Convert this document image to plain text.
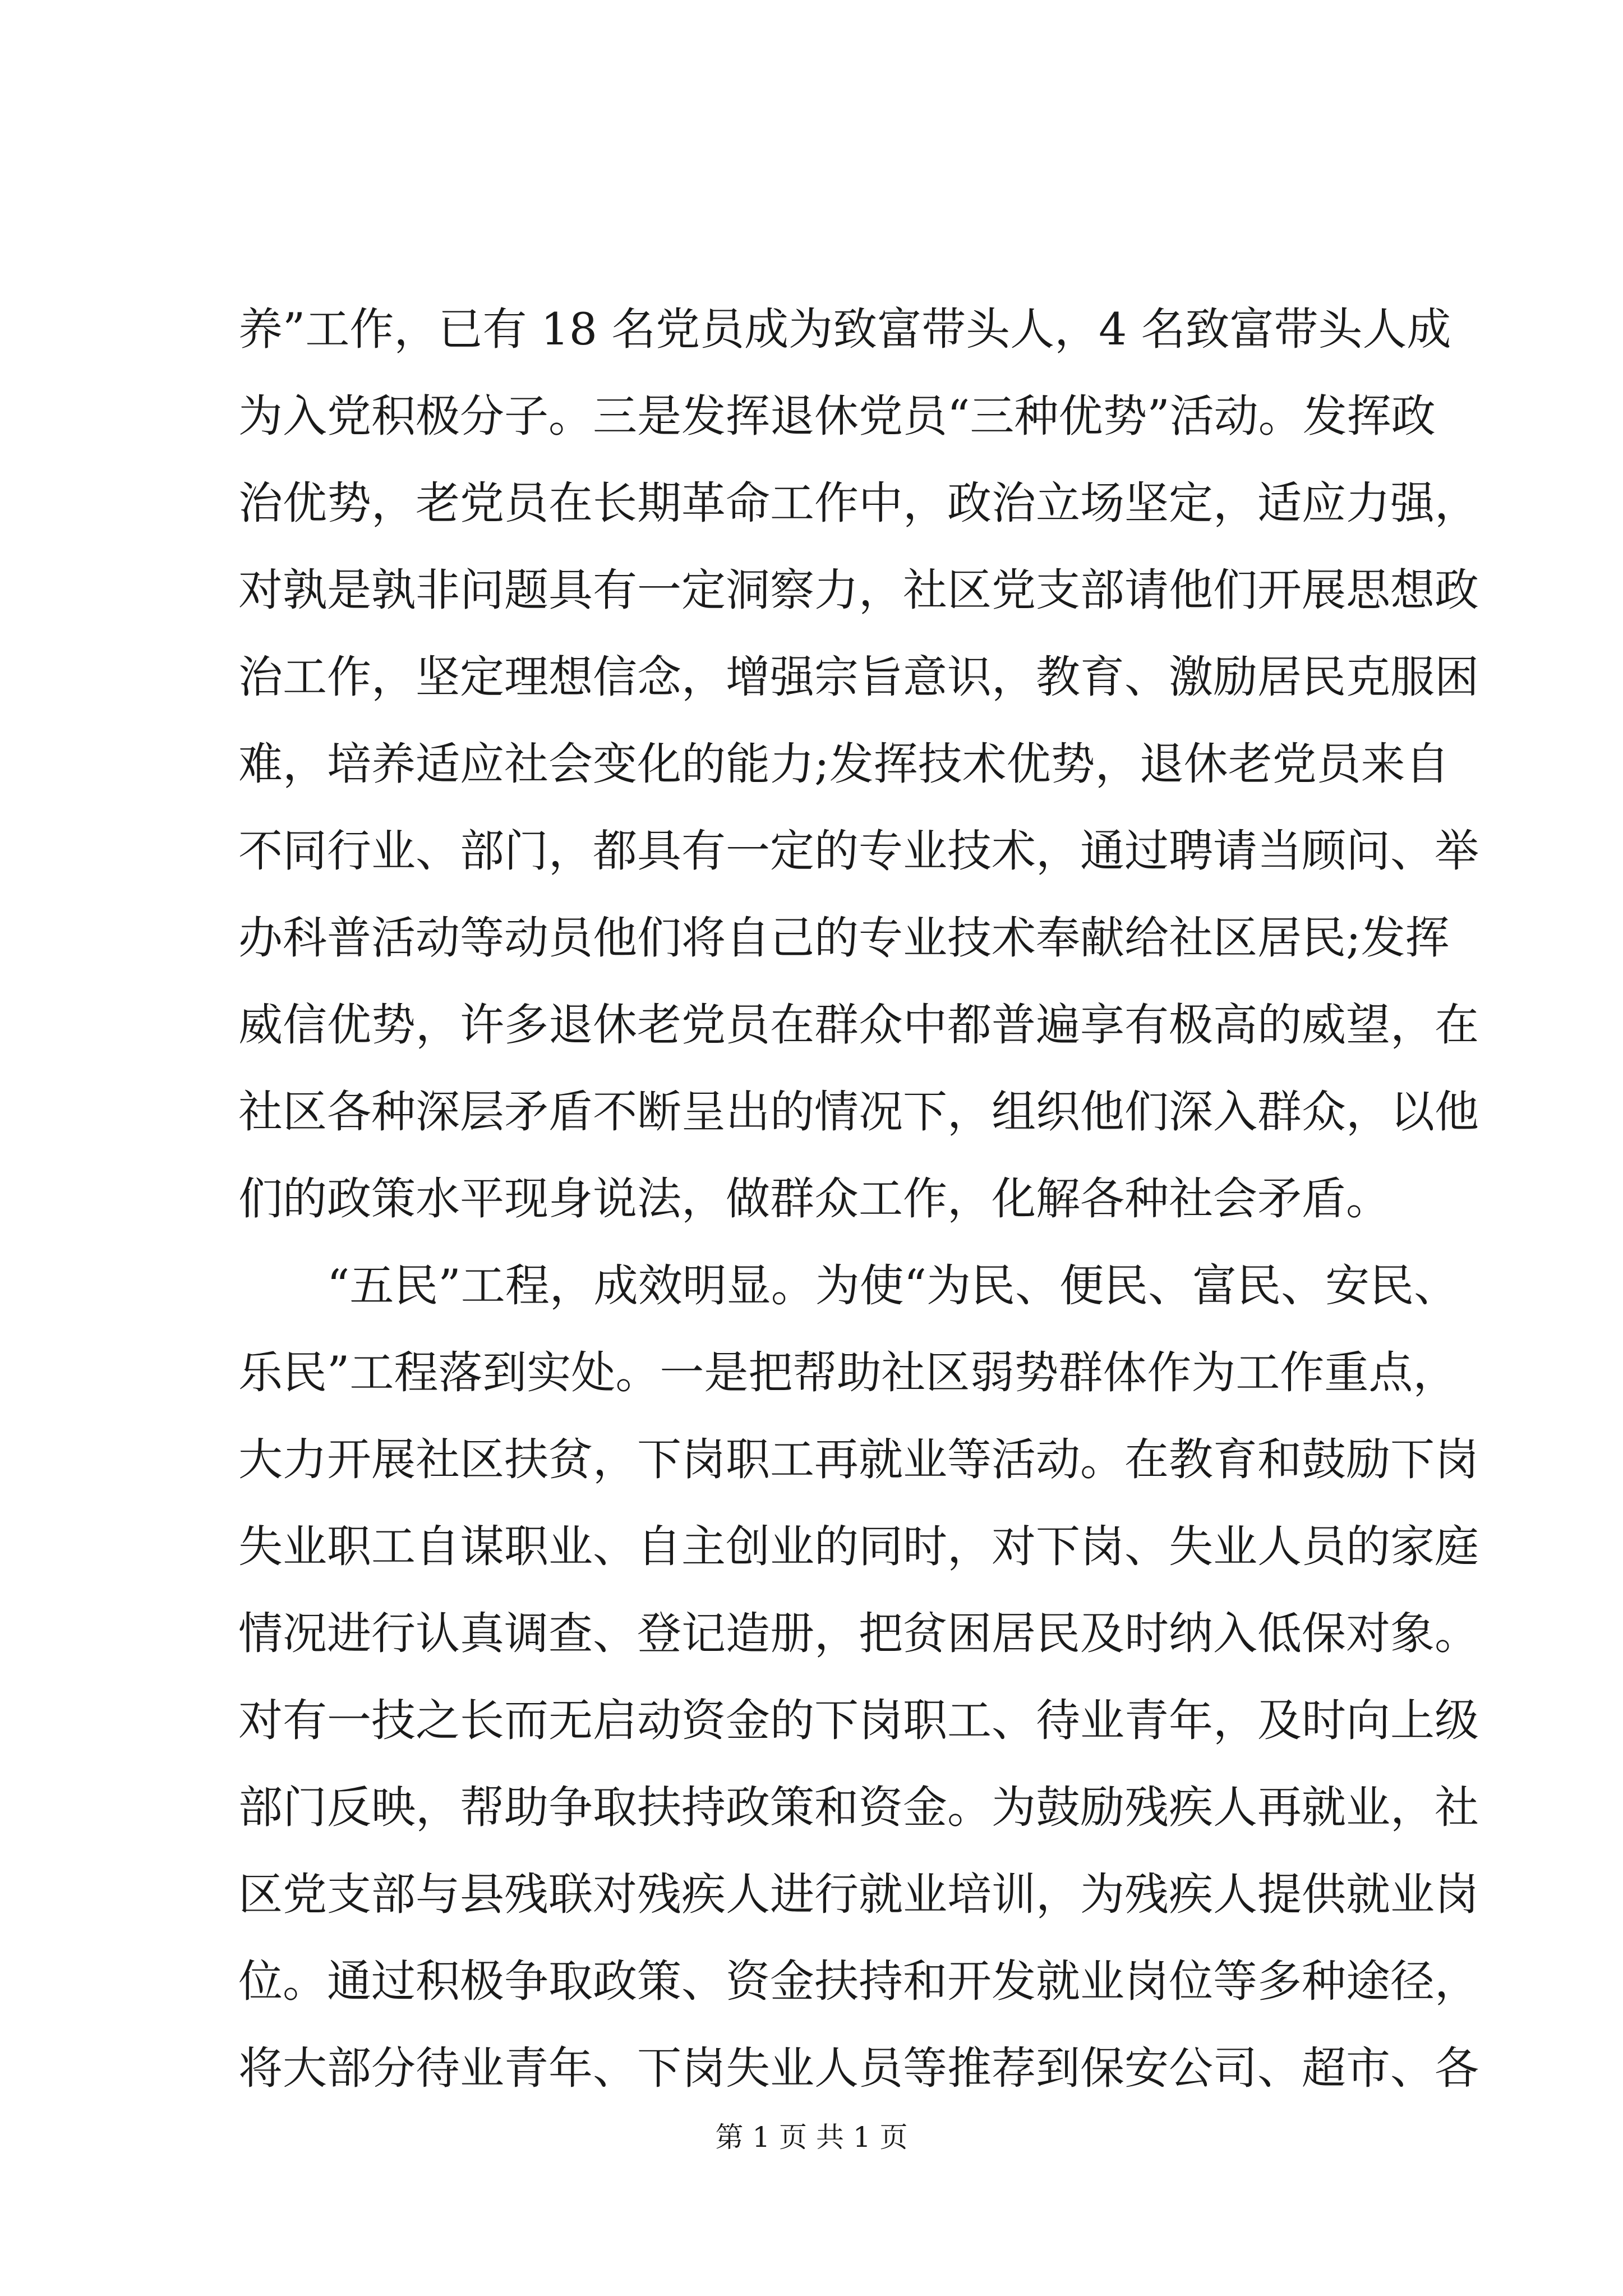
养”工作，已有 18 名党员成为致富带头人，4 名致富带头人成
为入党积极分子。三是发挥退休党员“三种优势”活动。发挥政
治优势，老党员在长期革命工作中，政治立场坚定，适应力强，
对孰是孰非问题具有一定洞察力，社区党支部请他们开展思想政
治工作，坚定理想信念，增强宗旨意识，教育、激励居民克服困
难，培养适应社会变化的能力;发挥技术优势，退休老党员来自
不同行业、部门，都具有一定的专业技术，通过聘请当顾问、举
办科普活动等动员他们将自己的专业技术奉献给社区居民;发挥
威信优势，许多退休老党员在群众中都普遍享有极高的威望，在
社区各种深层矛盾不断呈出的情况下，组织他们深入群众，以他
们的政策水平现身说法，做群众工作，化解各种社会矛盾。
　　“五民”工程，成效明显。为使“为民、便民、富民、安民、
乐民”工程落到实处。一是把帮助社区弱势群体作为工作重点，
大力开展社区扶贫，下岗职工再就业等活动。在教育和鼓励下岗
失业职工自谋职业、自主创业的同时，对下岗、失业人员的家庭
情况进行认真调查、登记造册，把贫困居民及时纳入低保对象。
对有一技之长而无启动资金的下岗职工、待业青年，及时向上级
部门反映，帮助争取扶持政策和资金。为鼓励残疾人再就业，社
区党支部与县残联对残疾人进行就业培训，为残疾人提供就业岗
位。通过积极争取政策、资金扶持和开发就业岗位等多种途径，
将大部分待业青年、下岗失业人员等推荐到保安公司、超市、各
第 1 页 共 1 页
